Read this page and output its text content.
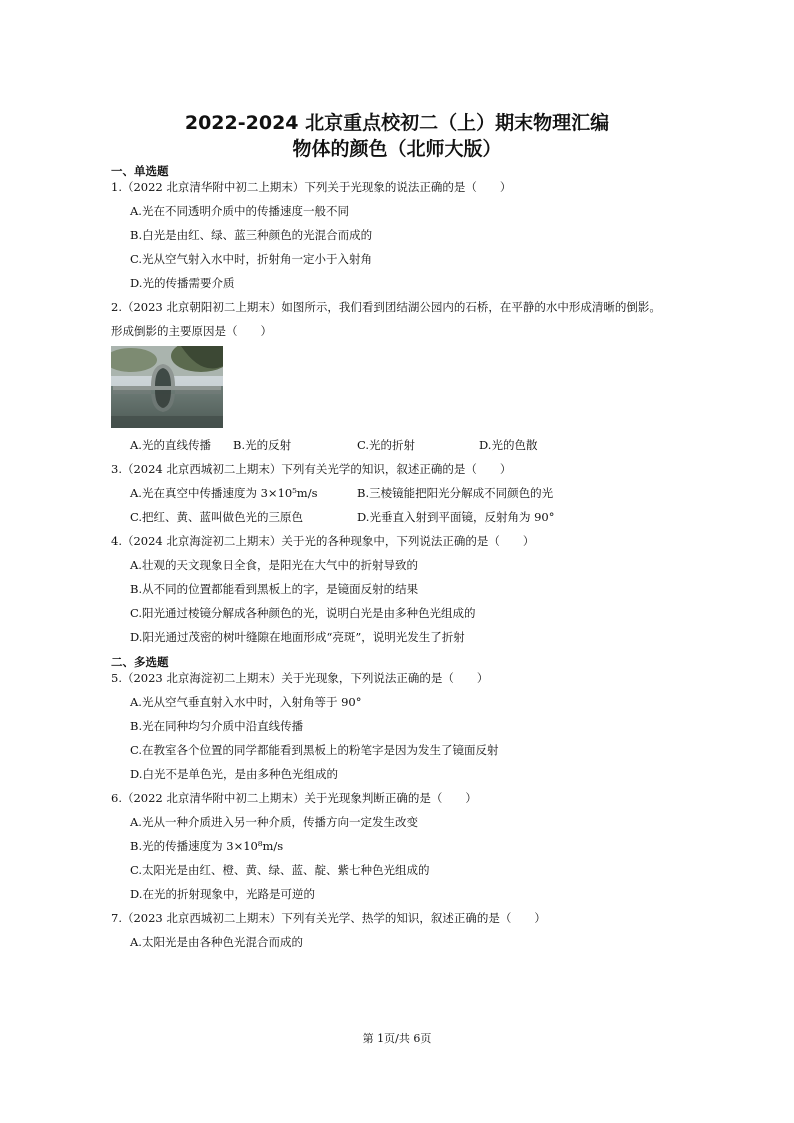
2022-2024 北京重点校初二（上）期末物理汇编
物体的颜色（北师大版）
一、单选题
1.（2022 北京清华附中初二上期末）下列关于光现象的说法正确的是（　　）
A.光在不同透明介质中的传播速度一般不同
B.白光是由红、绿、蓝三种颜色的光混合而成的
C.光从空气射入水中时，折射角一定小于入射角
D.光的传播需要介质
2.（2023 北京朝阳初二上期末）如图所示，我们看到团结湖公园内的石桥，在平静的水中形成清晰的倒影。
形成倒影的主要原因是（　　）
A.光的直线传播 B.光的反射	C.光的折射	D.光的色散
3.（2024 北京西城初二上期末）下列有关光学的知识，叙述正确的是（　　）
A.光在真空中传播速度为 3×10⁵m/s	B.三棱镜能把阳光分解成不同颜色的光
C.把红、黄、蓝叫做色光的三原色	D.光垂直入射到平面镜，反射角为 90°
4.（2024 北京海淀初二上期末）关于光的各种现象中，下列说法正确的是（　　）
A.壮观的天文现象日全食，是阳光在大气中的折射导致的
B.从不同的位置都能看到黑板上的字，是镜面反射的结果
C.阳光通过棱镜分解成各种颜色的光，说明白光是由多种色光组成的
D.阳光通过茂密的树叶缝隙在地面形成“亮斑”，说明光发生了折射
二、多选题
5.（2023 北京海淀初二上期末）关于光现象，下列说法正确的是（　　）
A.光从空气垂直射入水中时，入射角等于 90°
B.光在同种均匀介质中沿直线传播
C.在教室各个位置的同学都能看到黑板上的粉笔字是因为发生了镜面反射
D.白光不是单色光，是由多种色光组成的
6.（2022 北京清华附中初二上期末）关于光现象判断正确的是（　　）
A.光从一种介质进入另一种介质，传播方向一定发生改变
B.光的传播速度为 3×10⁸m/s
C.太阳光是由红、橙、黄、绿、蓝、靛、紫七种色光组成的
D.在光的折射现象中，光路是可逆的
7.（2023 北京西城初二上期末）下列有关光学、热学的知识，叙述正确的是（　　）
A.太阳光是由各种色光混合而成的
第 1页/共 6页
